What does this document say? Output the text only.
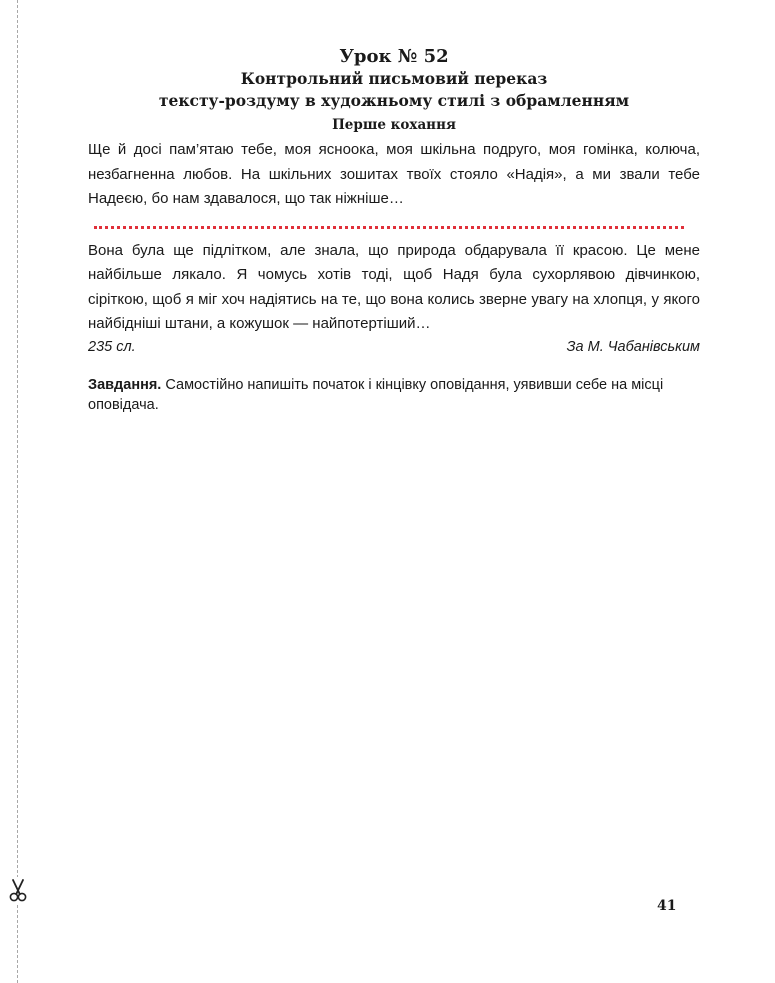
Урок № 52
Контрольний письмовий переказ
тексту-роздуму в художньому стилі з обрамленням
Перше кохання

Ще й досі пам’ятаю тебе, моя ясноока, моя шкільна подруго, моя гомінка, колюча, незбагненна любов. На шкільних зошитах твоїх стояло «Надія», а ми звали тебе Надеєю, бо нам здавалося, що так ніжніше…

Вона була ще підлітком, але знала, що природа обдарувала її красою. Це мене найбільше лякало. Я чомусь хотів тоді, щоб Надя була сухорлявою дівчинкою, сіріткою, щоб я міг хоч надіятись на те, що вона колись зверне увагу на хлопця, у якого найбідніші штани, а кожушок — найпотертіший…

235 сл.	За М. Чабанівським
Завдання. Самостійно напишіть початок і кінцівку оповідання, уявивши себе на місці оповідача.
41
